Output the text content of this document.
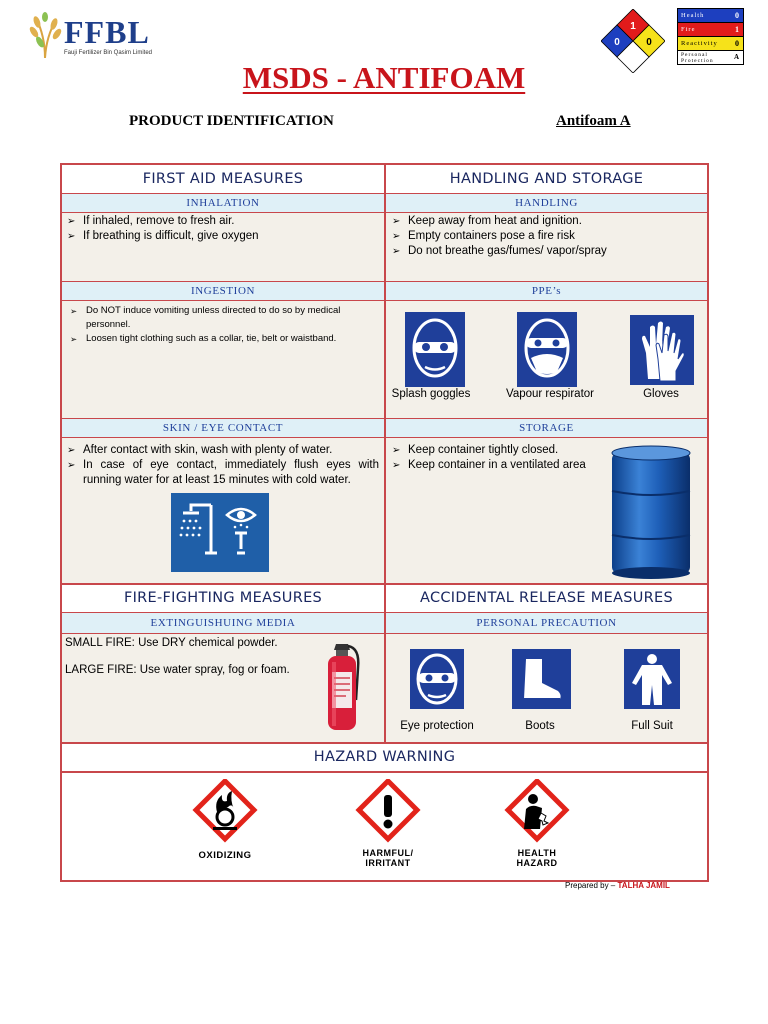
FFBL
Fauji Fertilizer Bin Qasim Limited
1
0	0
Health	0
Fire	1
Reactivity 0
Personal Protection	A
MSDS - ANTIFOAM
PRODUCT IDENTIFICATION	Antifoam A
FIRST AID MEASURES	HANDLING AND STORAGE
INHALATION	HANDLING
➢ If inhaled, remove to fresh air.
➢ If breathing is difficult, give oxygen
➢ Keep away from heat and ignition.
➢ Empty containers pose a fire risk
➢ Do not breathe gas/fumes/ vapor/spray
INGESTION	PPE’s
➢ Do NOT induce vomiting unless directed to do so by medical personnel.
➢ Loosen tight clothing such as a collar, tie, belt or waistband.
Splash goggles	Vapour respirator	Gloves
SKIN / EYE CONTACT	STORAGE
➢ After contact with skin, wash with plenty of water.
➢ In case of eye contact, immediately flush eyes with running water for at least 15 minutes with cold water.
➢ Keep container tightly closed.
➢ Keep container in a ventilated area
FIRE-FIGHTING MEASURES	ACCIDENTAL RELEASE MEASURES
EXTINGUISHUING MEDIA	PERSONAL PRECAUTION
SMALL FIRE: Use DRY chemical powder.
LARGE FIRE: Use water spray, fog or foam.
Eye protection	Boots	Full Suit
HAZARD WARNING
OXIDIZING	HARMFUL/
IRRITANT
HEALTH
HAZARD
Prepared by – TALHA JAMIL
